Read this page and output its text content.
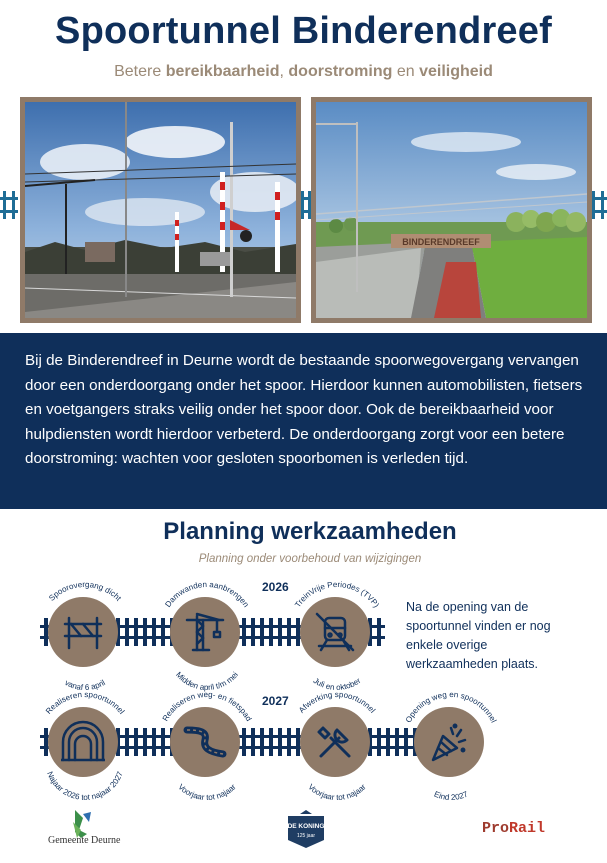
Spoortunnel Binderendreef
Betere bereikbaarheid, doorstroming en veiligheid
BINDERENDREEF

Bij de Binderendreef in Deurne wordt de bestaande spoorwegovergang vervangen door een onderdoorgang onder het spoor. Hierdoor kunnen automobilisten, fietsers en voetgangers straks veilig onder het spoor door. Ook de bereikbaarheid voor hulpdiensten wordt hierdoor verbeterd. De onderdoorgang zorgt voor een betere doorstroming: wachten voor gesloten spoorbomen is verleden tijd.

Planning werkzaamheden
Planning onder voorbehoud van wijzigingen
2026
2027
Na de opening van de spoortunnel vinden er nog enkele overige werkzaamheden plaats.
Spoorovergang dicht
vanaf 6 april
Damwanden aanbrengen
Midden april t/m mei
TreinVrije Periodes (TVP)
Juli en oktober
Realiseren spoortunnel
Najaar 2026 tot najaar 2027
Realiseren weg- en fietspad
Voorjaar tot najaar
Afwerking spoortunnel
Voorjaar tot najaar
Opening weg en spoortunnel
Eind 2027
Gemeente Deurne
DE KONING
125 jaar	ProRail
